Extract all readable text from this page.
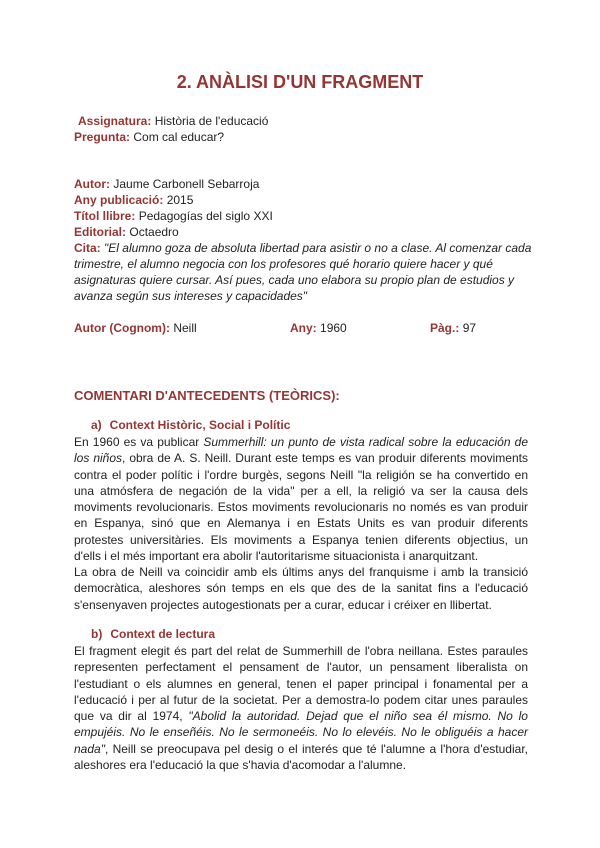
2. ANÀLISI D'UN FRAGMENT
Assignatura: Història de l'educació
Pregunta: Com cal educar?
Autor: Jaume Carbonell Sebarroja
Any publicació: 2015
Títol llibre: Pedagogías del siglo XXI
Editorial: Octaedro
Cita: "El alumno goza de absoluta libertad para asistir o no a clase. Al comenzar cada trimestre, el alumno negocia con los profesores qué horario quiere hacer y qué asignaturas quiere cursar. Así pues, cada uno elabora su propio plan de estudios y avanza según sus intereses y capacidades"
Autor (Cognom): Neill	Any: 1960	Pàg.: 97
COMENTARI D'ANTECEDENTS (TEÒRICS):
a) Context Històric, Social i Polític

En 1960 es va publicar Summerhill: un punto de vista radical sobre la educación de los niños, obra de A. S. Neill. Durant este temps es van produir diferents moviments contra el poder polític i l'ordre burgès, segons Neill "la religión se ha convertido en una atmósfera de negación de la vida" per a ell, la religió va ser la causa dels moviments revolucionaris. Estos moviments revolucionaris no només es van produir en Espanya, sinó que en Alemanya i en Estats Units es van produir diferents protestes universitàries. Els moviments a Espanya tenien diferents objectius, un d'ells i el més important era abolir l'autoritarisme situacionista i anarquitzant.

La obra de Neill va coincidir amb els últims anys del franquisme i amb la transició democràtica, aleshores són temps en els que des de la sanitat fins a l'educació s'ensenyaven projectes autogestionats per a curar, educar i créixer en llibertat.

b) Context de lectura

El fragment elegit és part del relat de Summerhill de l'obra neillana. Estes paraules representen perfectament el pensament de l'autor, un pensament liberalista on l'estudiant o els alumnes en general, tenen el paper principal i fonamental per a l'educació i per al futur de la societat. Per a demostra-lo podem citar unes paraules que va dir al 1974, "Abolid la autoridad. Dejad que el niño sea él mismo. No lo empujéis. No le enseñéis. No le sermoneéis. No lo elevéis. No le obliguéis a hacer nada", Neill se preocupava pel desig o el interés que té l'alumne a l'hora d'estudiar, aleshores era l'educació la que s'havia d'acomodar a l'alumne.
